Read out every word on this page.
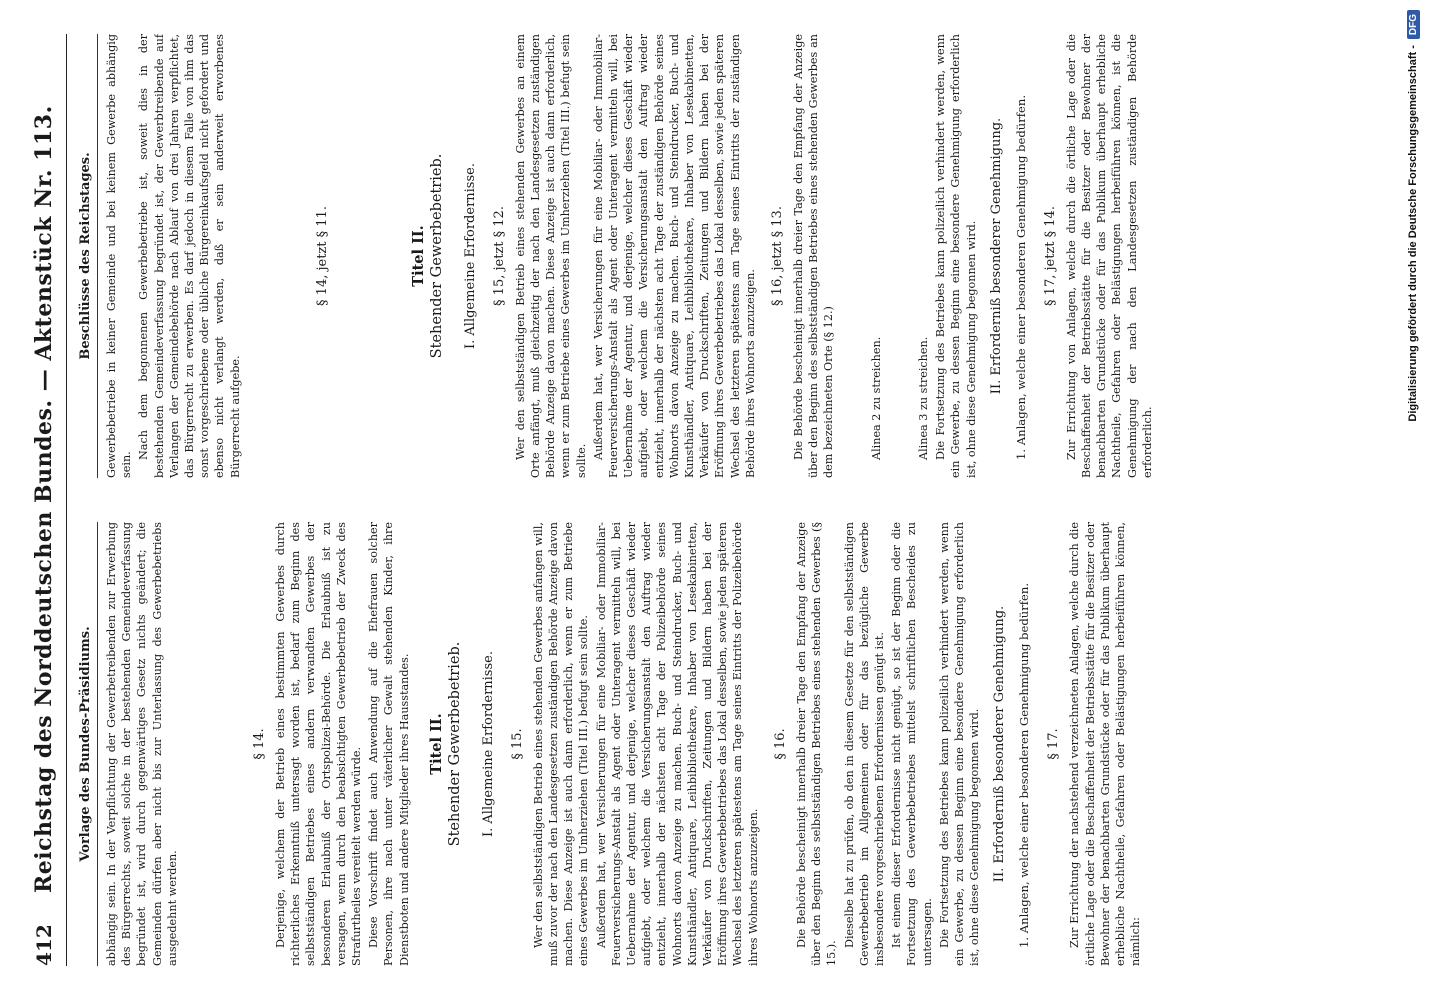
412
Reichstag des Norddeutschen Bundes. — Aktenstück Nr. 113. Vorlage des Bundes-Präsidiums.	abhängig sein. In der Verpflichtung der Gewerbetreibenden zur Erwerbung des Bürgerrechts, soweit solche in der bestehenden Gemeindeverfassung begründet ist, wird durch gegenwärtiges Gesetz nichts geändert; die Gemeinden dürfen aber nicht bis zur Unterlassung des Gewerbebetriebs ausgedehnt werden.

§ 14. Derjenige, welchem der Betrieb eines bestimmten Gewerbes durch richterliches Erkenntniß untersagt worden ist, bedarf zum Beginn des selbstständigen Betriebes eines andern verwandten Gewerbes der besonderen Erlaubniß der Ortspolizei-Behörde. Die Erlaubniß ist zu versagen, wenn durch den beabsichtigten Gewerbebetrieb der Zweck des Strafurtheiles vereitelt werden würde. Diese Vorschrift findet auch Anwendung auf die Ehefrauen solcher Personen, ihre nach unter väterlicher Gewalt stehenden Kinder, ihre Dienstboten und andere Mitglieder ihres Hausstandes. Titel II. Stehender Gewerbebetrieb. I. Allgemeine Erfordernisse. § 15. Wer den selbstständigen Betrieb eines stehenden Gewerbes anfangen will, muß zuvor der nach den Landesgesetzen zuständigen Behörde Anzeige davon machen. Diese Anzeige ist auch dann erforderlich, wenn er zum Betriebe eines Gewerbes im Umherziehen (Titel III.) befugt sein sollte. Außerdem hat, wer Versicherungen für eine Mobiliar- oder Immobiliar-Feuerversicherungs-Anstalt als Agent oder Unteragent vermitteln will, bei Uebernahme der Agentur, und derjenige, welcher dieses Geschäft wieder aufgiebt, oder welchem die Versicherungsanstalt den Auftrag wieder entzieht, innerhalb der nächsten acht Tage der Polizeibehörde seines Wohnorts davon Anzeige zu machen. Buch- und Steindrucker, Buch- und Kunsthändler, Antiquare, Leihbibliothekare, Inhaber von Lesekabinetten, Verkäufer von Druckschriften, Zeitungen und Bildern haben bei der Eröffnung ihres Gewerbebetriebes das Lokal desselben, sowie jeden späteren Wechsel des letzteren spätestens am Tage seines Eintritts der Polizeibehörde ihres Wohnorts anzuzeigen.

§ 16. Die Behörde bescheinigt innerhalb dreier Tage den Empfang der Anzeige über den Beginn des selbstständigen Betriebes eines stehenden Gewerbes (§ 15.).

Dieselbe hat zu prüfen, ob den in diesem Gesetze für den selbstständigen Gewerbebetrieb im Allgemeinen oder für das bezügliche Gewerbe insbesondere vorgeschriebenen Erfordernissen genügt ist. Ist einem dieser Erfordernisse nicht genügt, so ist der Beginn oder die Fortsetzung des Gewerbebetriebes mittelst schriftlichen Bescheides zu untersagen. Die Fortsetzung des Betriebes kann polizeilich verhindert werden, wenn ein Gewerbe, zu dessen Beginn eine besondere Genehmigung erforderlich ist, ohne diese Genehmigung begonnen wird. II. Erforderniß besonderer Genehmigung. 1. Anlagen, welche einer besonderen Genehmigung bedürfen. § 17. Zur Errichtung der nachstehend verzeichneten Anlagen, welche durch die örtliche Lage oder die Beschaffenheit der Betriebsstätte für die Besitzer oder Bewohner der benachbarten Grundstücke oder für das Publikum überhaupt erhebliche Nachtheile, Gefahren oder Belästigungen herbeiführen können, nämlich:

Beschlüsse des Reichstages.	Gewerbebetriebe in keiner Gemeinde und bei keinem Gewerbe abhängig sein.

Nach dem begonnenen Gewerbebetriebe ist, soweit dies in der bestehenden Gemeindeverfassung begründet ist, der Gewerbtreibende auf Verlangen der Gemeindebehörde nach Ablauf von drei Jahren verpflichtet, das Bürgerrecht zu erwerben. Es darf jedoch in diesem Falle von ihm das sonst vorgeschriebene oder übliche Bürgereinkaufsgeld nicht gefordert und ebenso nicht verlangt werden, daß er sein anderweit erworbenes Bürgerrecht aufgebe.

§ 14, jetzt § 11.	Titel II. Stehender Gewerbebetrieb. I. Allgemeine Erfordernisse. § 15, jetzt § 12. Wer den selbstständigen Betrieb eines stehenden Gewerbes an einem Orte anfängt, muß gleichzeitig der nach den Landesgesetzen zuständigen Behörde Anzeige davon machen. Diese Anzeige ist auch dann erforderlich, wenn er zum Betriebe eines Gewerbes im Umherziehen (Titel III.) befugt sein sollte.

Außerdem hat, wer Versicherungen für eine Mobiliar- oder Immobiliar-Feuerversicherungs-Anstalt als Agent oder Unteragent vermitteln will, bei Uebernahme der Agentur, und derjenige, welcher dieses Geschäft wieder aufgiebt, oder welchem die Versicherungsanstalt den Auftrag wieder entzieht, innerhalb der nächsten acht Tage der zuständigen Behörde seines Wohnorts davon Anzeige zu machen. Buch- und Steindrucker, Buch- und Kunsthändler, Antiquare, Leihbibliothekare, Inhaber von Lesekabinetten, Verkäufer von Druckschriften, Zeitungen und Bildern haben bei der Eröffnung ihres Gewerbebetriebes das Lokal desselben, sowie jeden späteren Wechsel des letzteren spätestens am Tage seines Eintritts der zuständigen Behörde ihres Wohnorts anzuzeigen.

§ 16, jetzt § 13. Die Behörde bescheinigt innerhalb dreier Tage den Empfang der Anzeige über den Beginn des selbstständigen Betriebes eines stehenden Gewerbes an dem bezeichneten Orte (§ 12.)	Alinea 2 zu streichen.	Alinea 3 zu streichen. Die Fortsetzung des Betriebes kann polizeilich verhindert werden, wenn ein Gewerbe, zu dessen Beginn eine besondere Genehmigung erforderlich ist, ohne diese Genehmigung begonnen wird. II. Erforderniß besonderer Genehmigung. 1. Anlagen, welche einer besonderen Genehmigung bedürfen. § 17, jetzt § 14. Zur Errichtung von Anlagen, welche durch die örtliche Lage oder die Beschaffenheit der Betriebsstätte für die Besitzer oder Bewohner der benachbarten Grundstücke oder für das Publikum überhaupt erhebliche Nachtheile, Gefahren oder Belästigungen herbeiführen können, ist die Genehmigung der nach den Landesgesetzen zuständigen Behörde erforderlich.

Digitalisierung gefördert durch die Deutsche Forschungsgemeinschaft -
DFG
